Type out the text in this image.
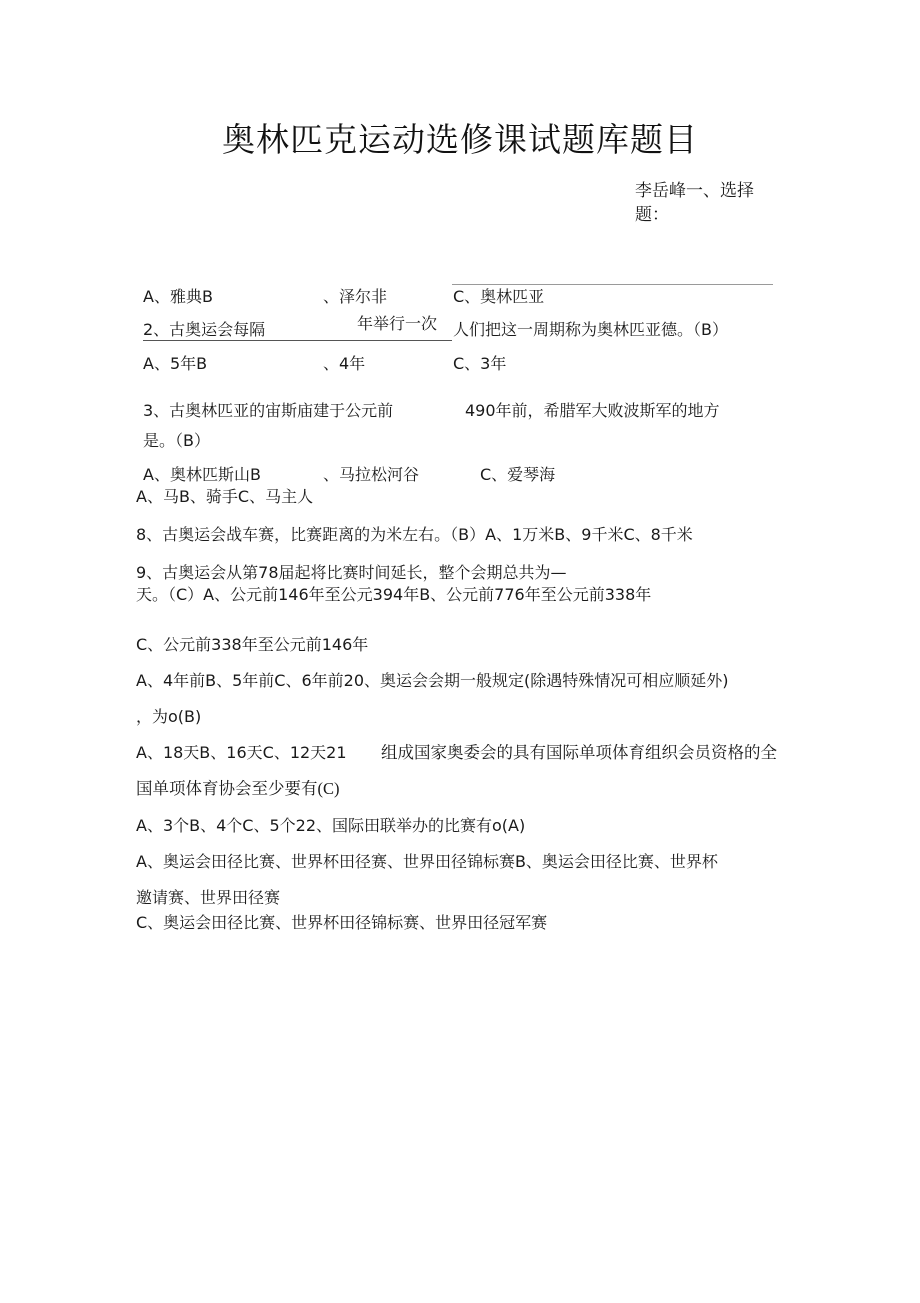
奥林匹克运动选修课试题库题目
李岳峰一、选择题：
A、雅典B	、泽尔非	C、奥林匹亚
2、古奥运会每隔	年举行一次 人们把这一周期称为奥林匹亚德。（B）
A、5年B	、4年	C、3年
3、古奥林匹亚的宙斯庙建于公元前	490年前，希腊军大败波斯军的地方
是。（B）
A、奥林匹斯山B	、马拉松河谷	C、爱琴海
A、马B、骑手C、马主人
8、古奥运会战车赛，比赛距离的为米左右。（B）A、1万米B、9千米C、8千米
9、古奥运会从第78届起将比赛时间延长，整个会期总共为—
天。（C）A、公元前146年至公元394年B、公元前776年至公元前338年
C、公元前338年至公元前146年
A、4年前B、5年前C、6年前20、奥运会会期一般规定(除遇特殊情况可相应顺延外)
，为o(B)
A、18天B、16天C、12天21 组成国家奥委会的具有国际单项体育组织会员资格的全
国单项体育协会至少要有(C)
A、3个B、4个C、5个22、国际田联举办的比赛有o(A)
A、奥运会田径比赛、世界杯田径赛、世界田径锦标赛B、奥运会田径比赛、世界杯
邀请赛、世界田径赛
C、奥运会田径比赛、世界杯田径锦标赛、世界田径冠军赛
